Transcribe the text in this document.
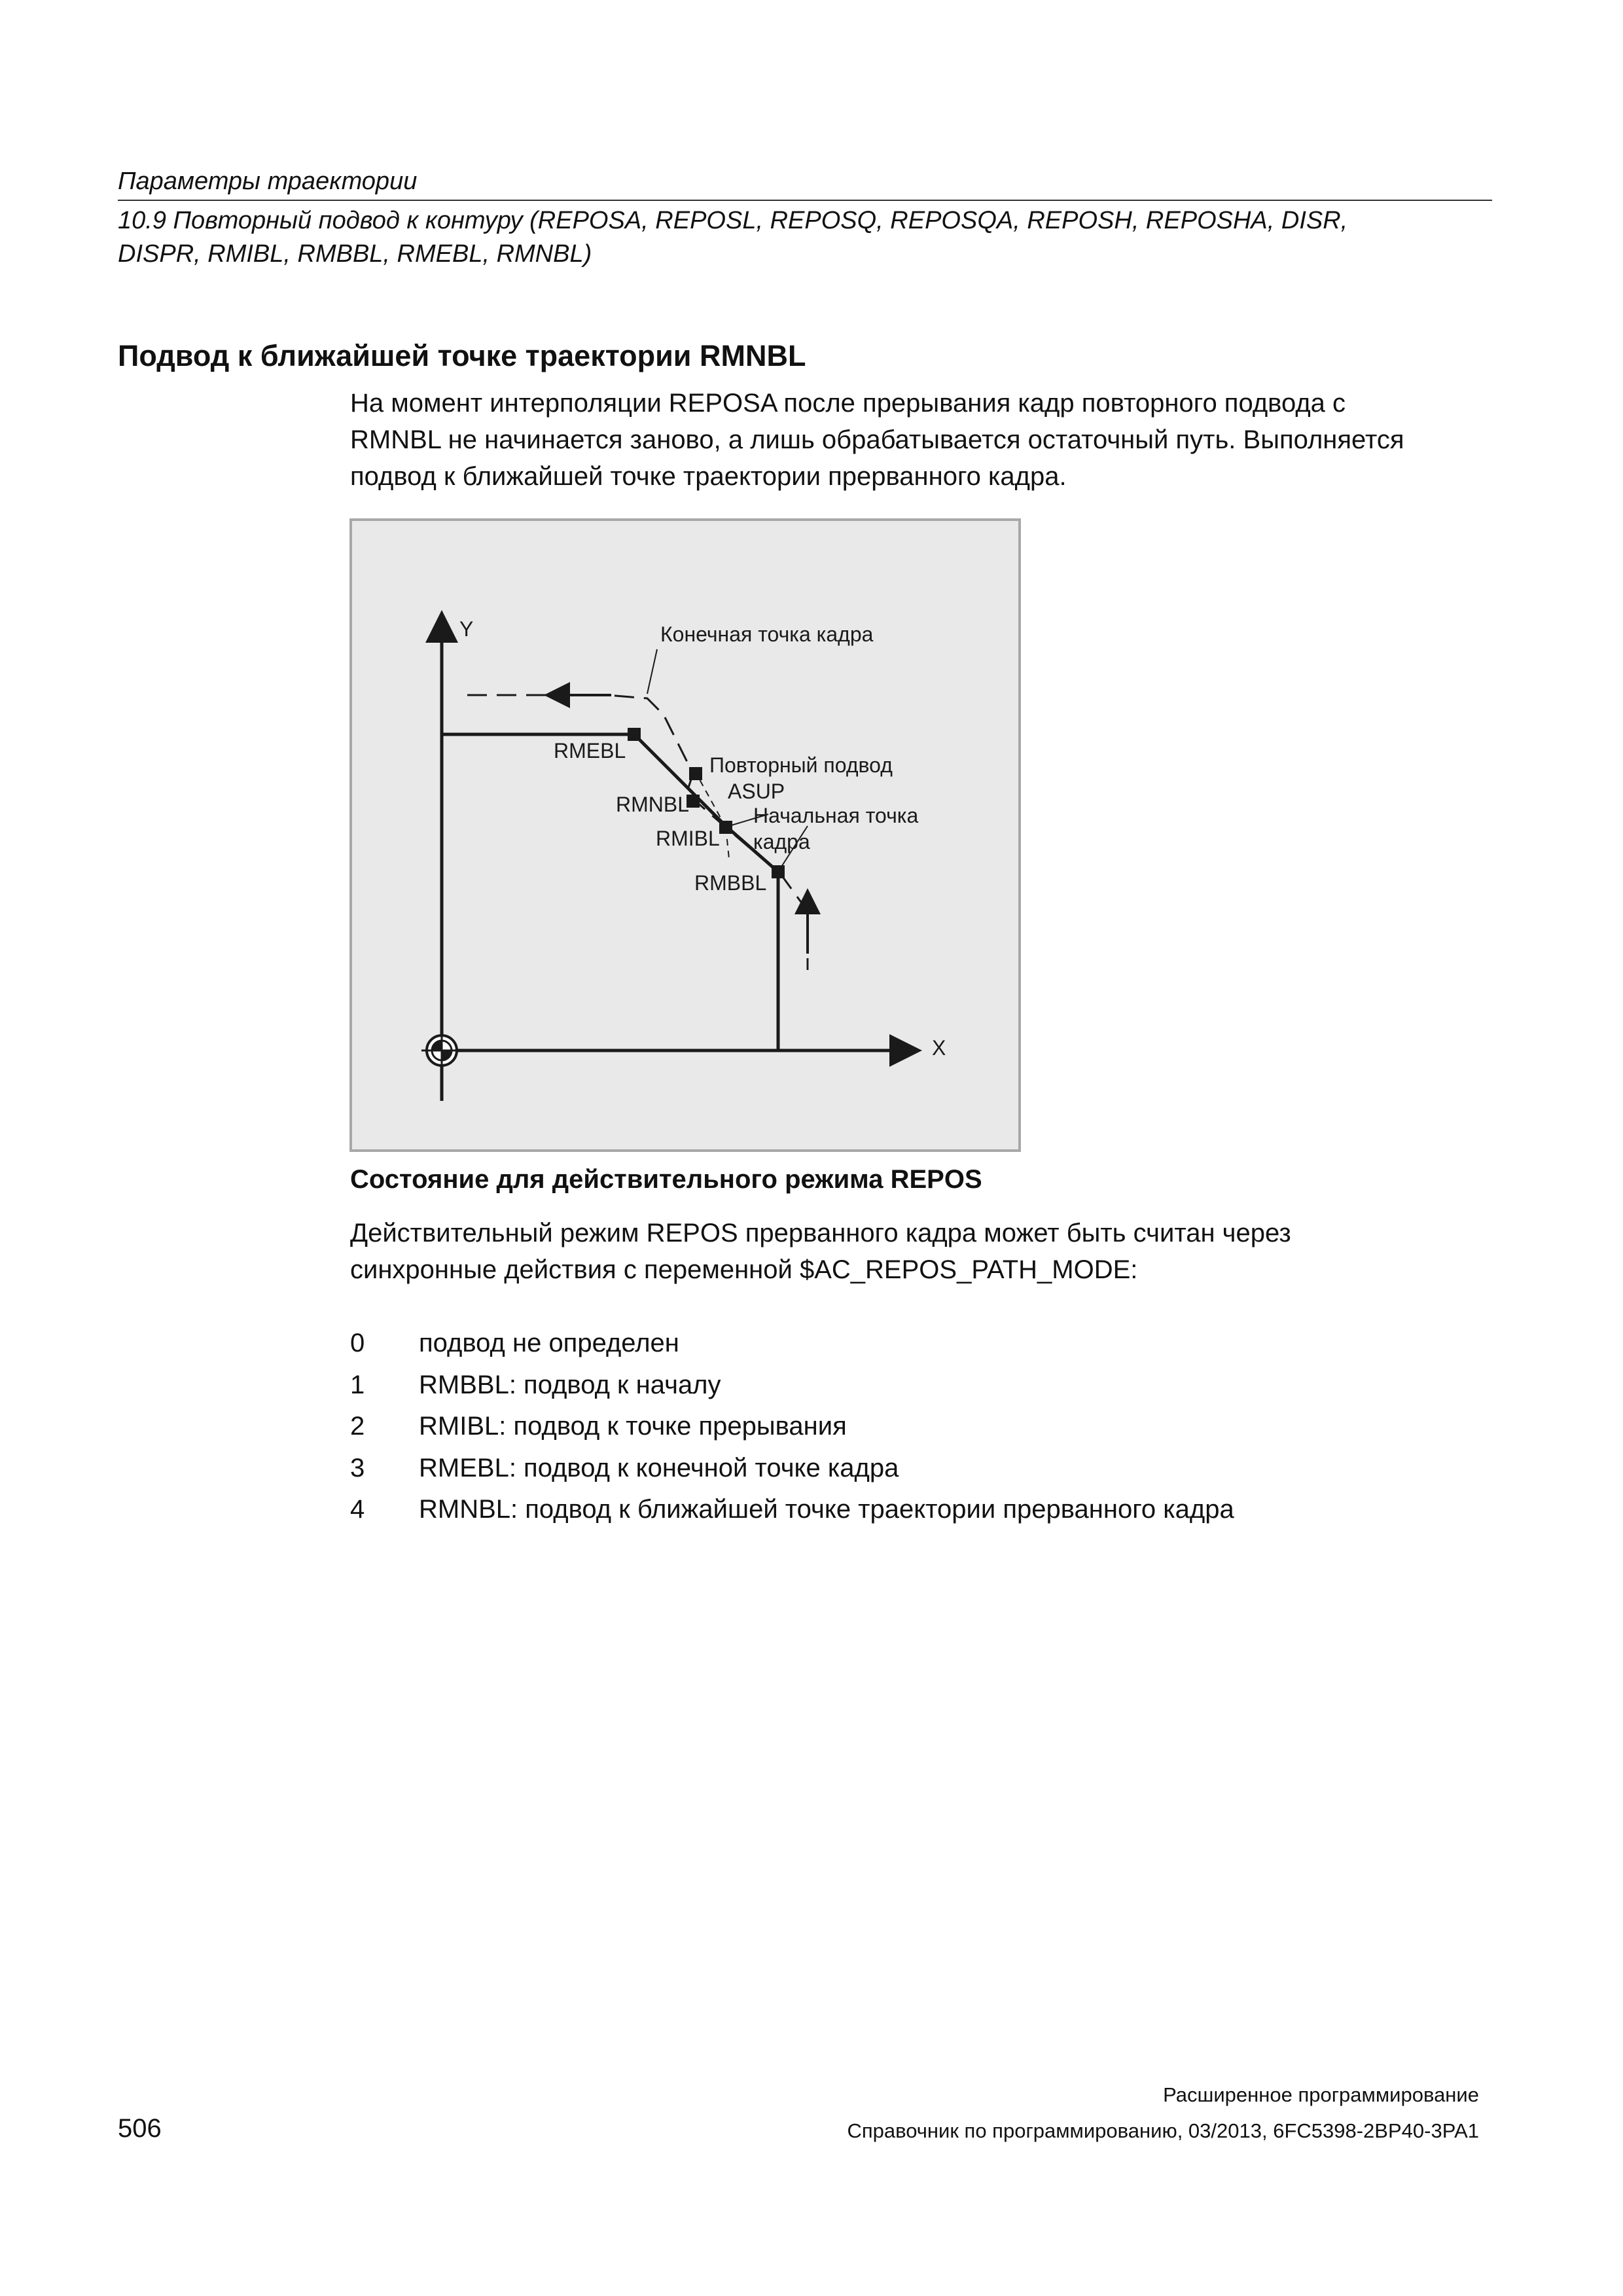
Параметры траектории
10.9 Повторный подвод к контуру (REPOSA, REPOSL, REPOSQ, REPOSQA, REPOSH, REPOSHA, DISR,
DISPR, RMIBL, RMBBL, RMEBL, RMNBL)
Подвод к ближайшей точке траектории RMNBL
На момент интерполяции REPOSA после прерывания кадр повторного подвода с
RMNBL не начинается заново, а лишь обрабатывается остаточный путь. Выполняется
подвод к ближайшей точке траектории прерванного кадра.
Y
X
Конечная точка кадра
RMEBL
Повторный подвод
ASUP
RMNBL	Начальная точка
кадра
RMIBL
RMBBL
Состояние для действительного режима REPOS
Действительный режим REPOS прерванного кадра может быть считан через
синхронные действия с переменной $AC_REPOS_PATH_MODE:
0 подвод не определен
1 RMBBL: подвод к началу
2 RMIBL: подвод к точке прерывания
3 RMEBL: подвод к конечной точке кадра
4 RMNBL: подвод к ближайшей точке траектории прерванного кадра
Расширенное программирование
Справочник по программированию, 03/2013, 6FC5398-2BP40-3PA1
506
